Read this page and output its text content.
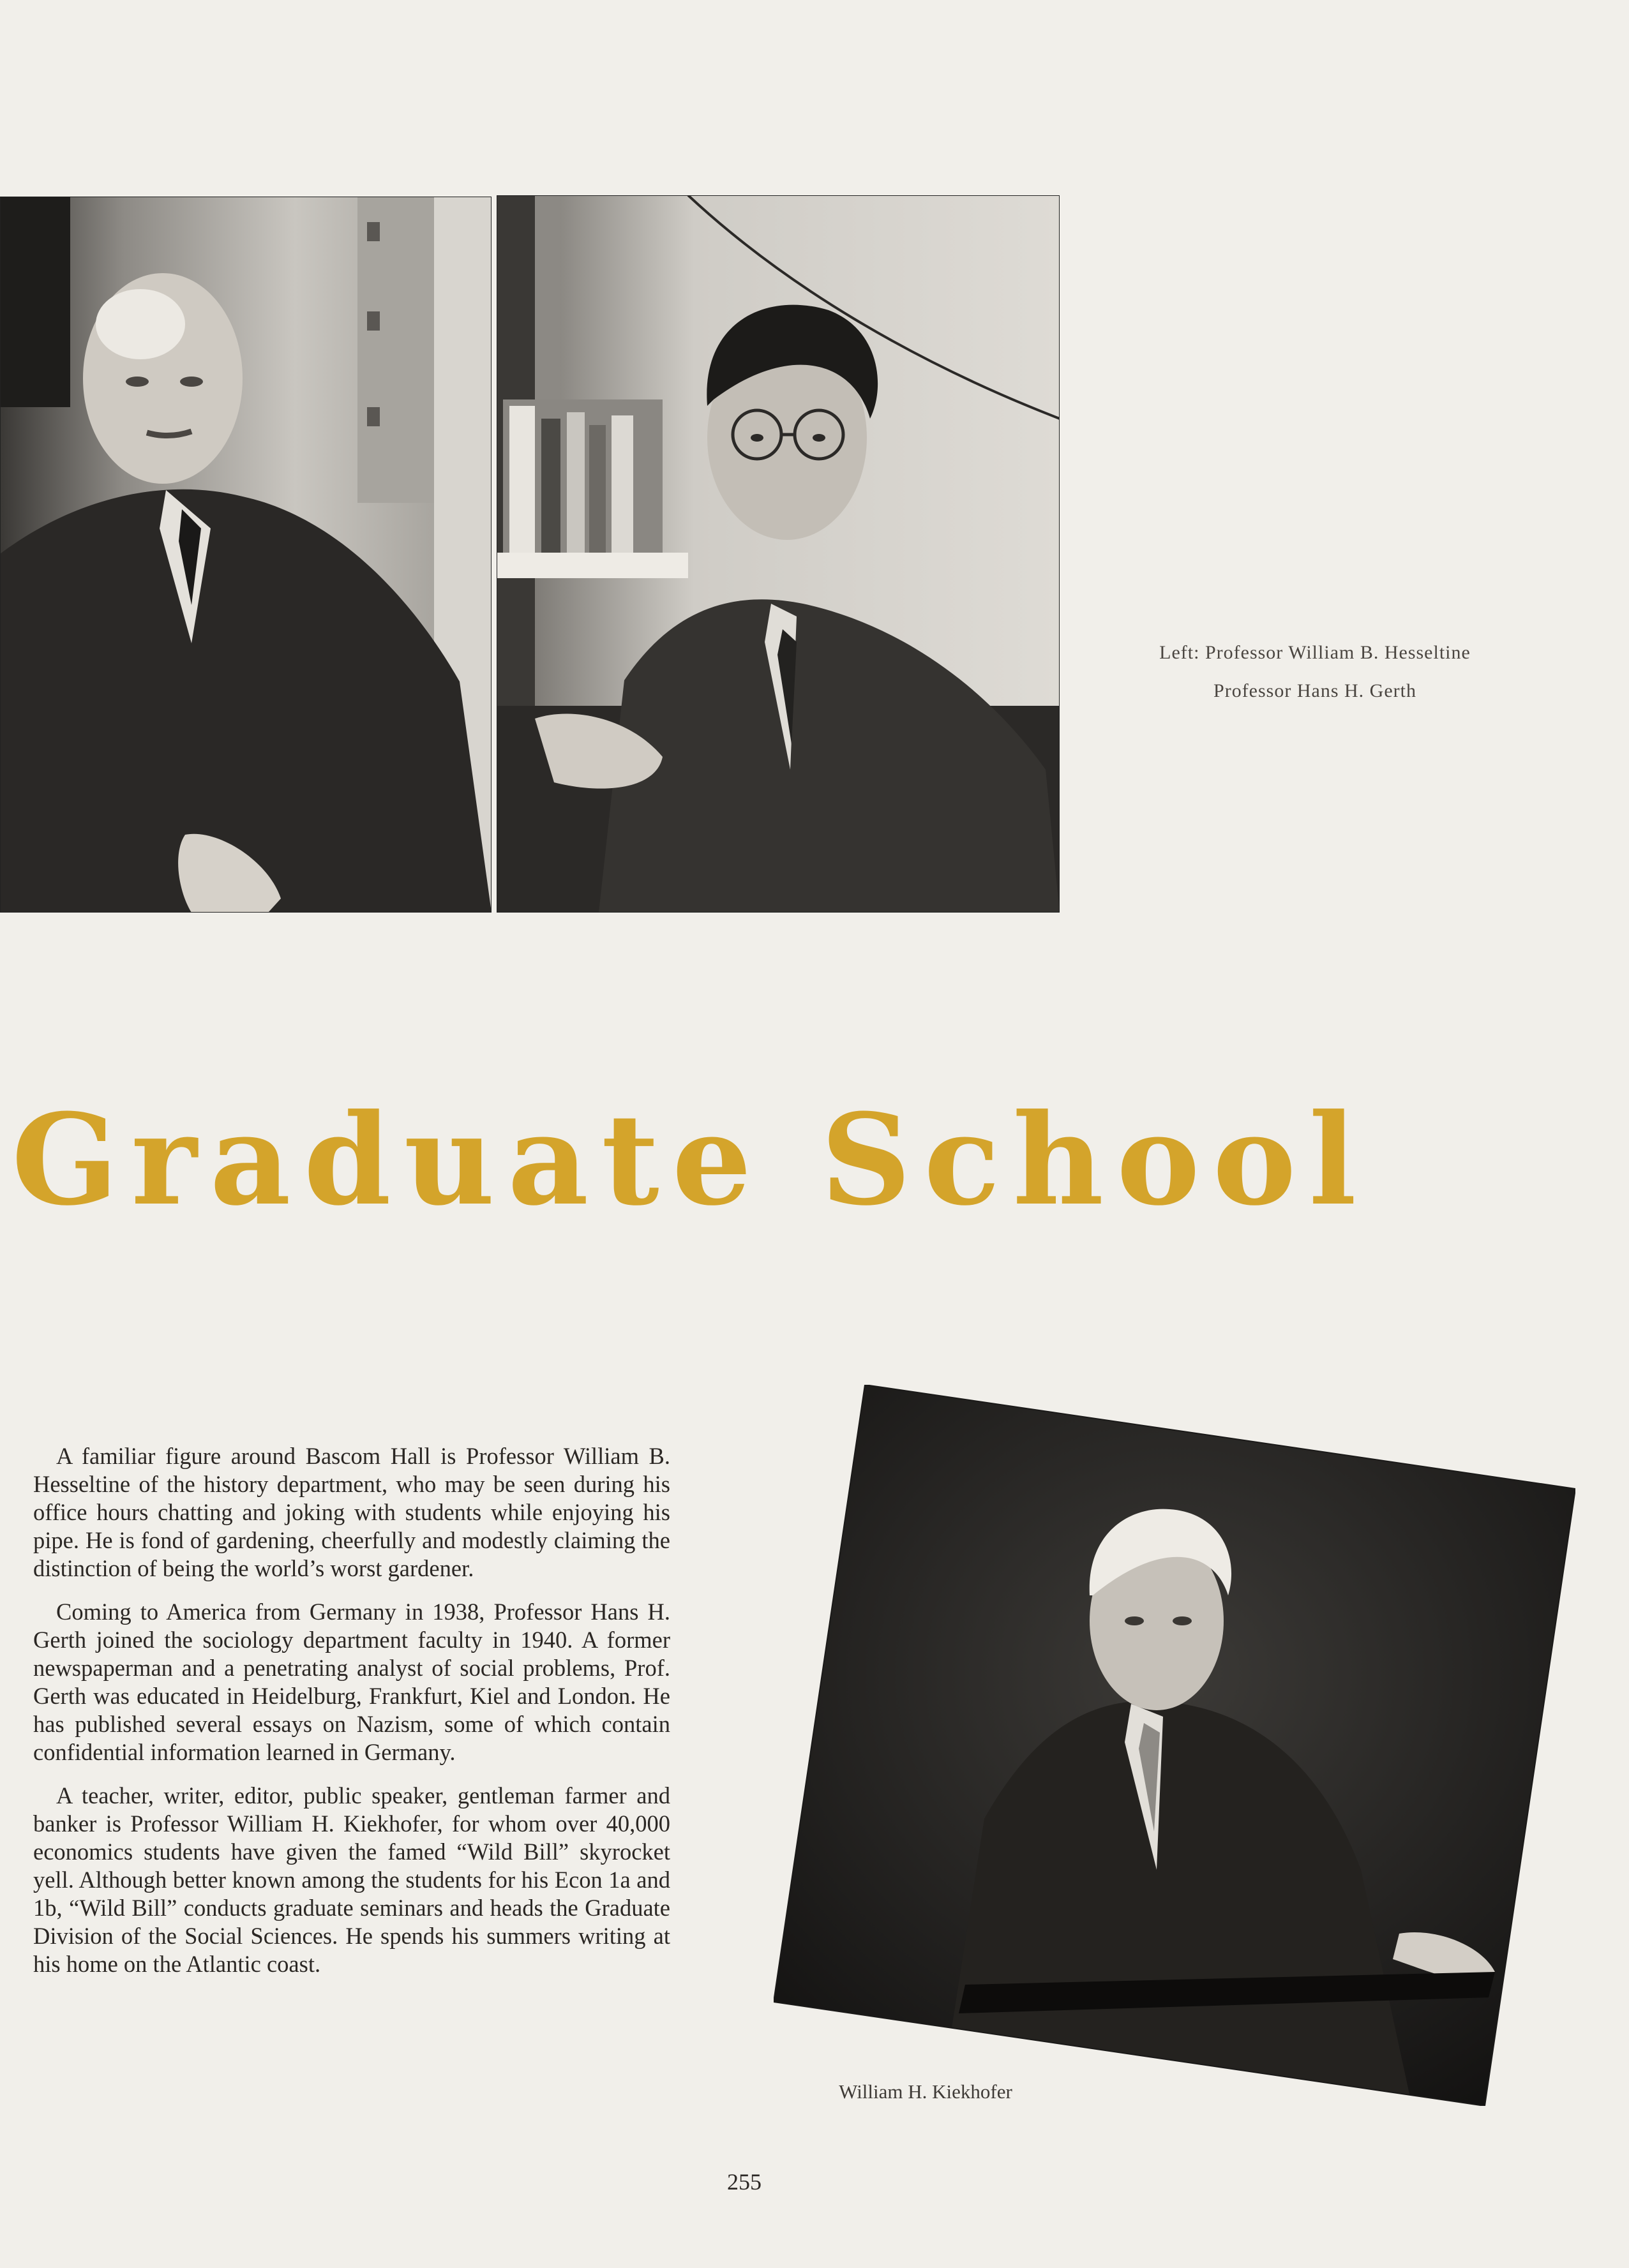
Left: Professor William B. Hesseltine
Professor Hans H. Gerth
Graduate School

A familiar figure around Bascom Hall is Professor William B. Hesseltine of the history department, who may be seen during his office hours chatting and joking with students while enjoying his pipe. He is fond of gardening, cheerfully and modestly claiming the distinction of being the world’s worst gardener.

Coming to America from Germany in 1938, Professor Hans H. Gerth joined the sociology department faculty in 1940. A former newspaperman and a penetrating analyst of social problems, Prof. Gerth was educated in Heidelburg, Frankfurt, Kiel and London. He has published several essays on Nazism, some of which contain confidential information learned in Germany.

A teacher, writer, editor, public speaker, gentleman farmer and banker is Professor William H. Kiekhofer, for whom over 40,000 economics students have given the famed “Wild Bill” skyrocket yell. Although better known among the students for his Econ 1a and 1b, “Wild Bill” conducts graduate seminars and heads the Graduate Division of the Social Sciences. He spends his summers writing at his home on the Atlantic coast.

William H. Kiekhofer
255
